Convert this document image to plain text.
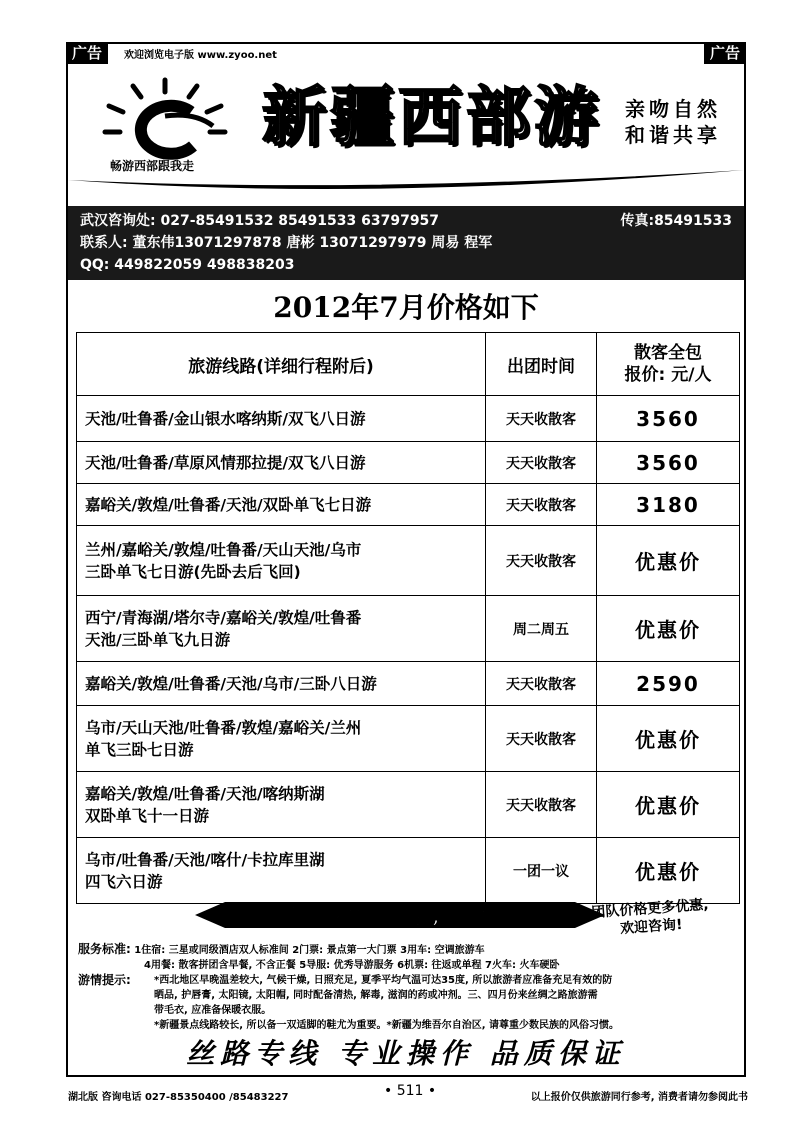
广告	广告
欢迎浏览电子版 www.zyoo.net
畅游西部跟我走
新疆西部游 亲吻自然
和谐共享
武汉咨询处: 027-85491532 85491533 63797957	传真:85491533
联系人: 董东伟13071297878 唐彬 13071297979 周易 程军
QQ: 449822059 498838203
2012年7月价格如下
旅游线路(详细行程附后)	出团时间	散客全包
报价: 元/人

天池/吐鲁番/金山银水喀纳斯/双飞八日游	天天收散客	3560
天池/吐鲁番/草原风情那拉提/双飞八日游	天天收散客	3560
嘉峪关/敦煌/吐鲁番/天池/双卧单飞七日游	天天收散客	3180

兰州/嘉峪关/敦煌/吐鲁番/天山天池/乌市
三卧单飞七日游(先卧去后飞回)	天天收散客	优惠价

西宁/青海湖/塔尔寺/嘉峪关/敦煌/吐鲁番
天池/三卧单飞九日游	周二周五	优惠价
嘉峪关/敦煌/吐鲁番/天池/乌市/三卧八日游	天天收散客	2590

乌市/天山天池/吐鲁番/敦煌/嘉峪关/兰州
单飞三卧七日游	天天收散客	优惠价

嘉峪关/敦煌/吐鲁番/天池/喀纳斯湖
双卧单飞十一日游	天天收散客	优惠价

乌市/吐鲁番/天池/喀什/卡拉库里湖
四飞六日游	一团一议	优惠价
新疆丝路同行专卖,天天低价	团队价格更多优惠,
欢迎咨询!
服务标准: 1住宿: 三星或同级酒店双人标准间 2门票: 景点第一大门票 3用车: 空调旅游车
4用餐: 散客拼团含早餐, 不含正餐 5导服: 优秀导游服务 6机票: 往返或单程 7火车: 火车硬卧
游情提示:	*西北地区早晚温差较大, 气候干燥, 日照充足, 夏季平均气温可达35度, 所以旅游者应准备充足有效的防
晒品, 护唇膏, 太阳镜, 太阳帽, 同时配备清热, 解毒, 滋润的药或冲剂。三、四月份来丝绸之路旅游需
带毛衣, 应准备保暖衣服。
*新疆景点线路较长, 所以备一双适脚的鞋尤为重要。*新疆为维吾尔自治区, 请尊重少数民族的风俗习惯。
丝路专线 专业操作 品质保证
湖北版 咨询电话 027-85350400 /85483227	• 511 •	以上报价仅供旅游同行参考, 消费者请勿参阅此书
